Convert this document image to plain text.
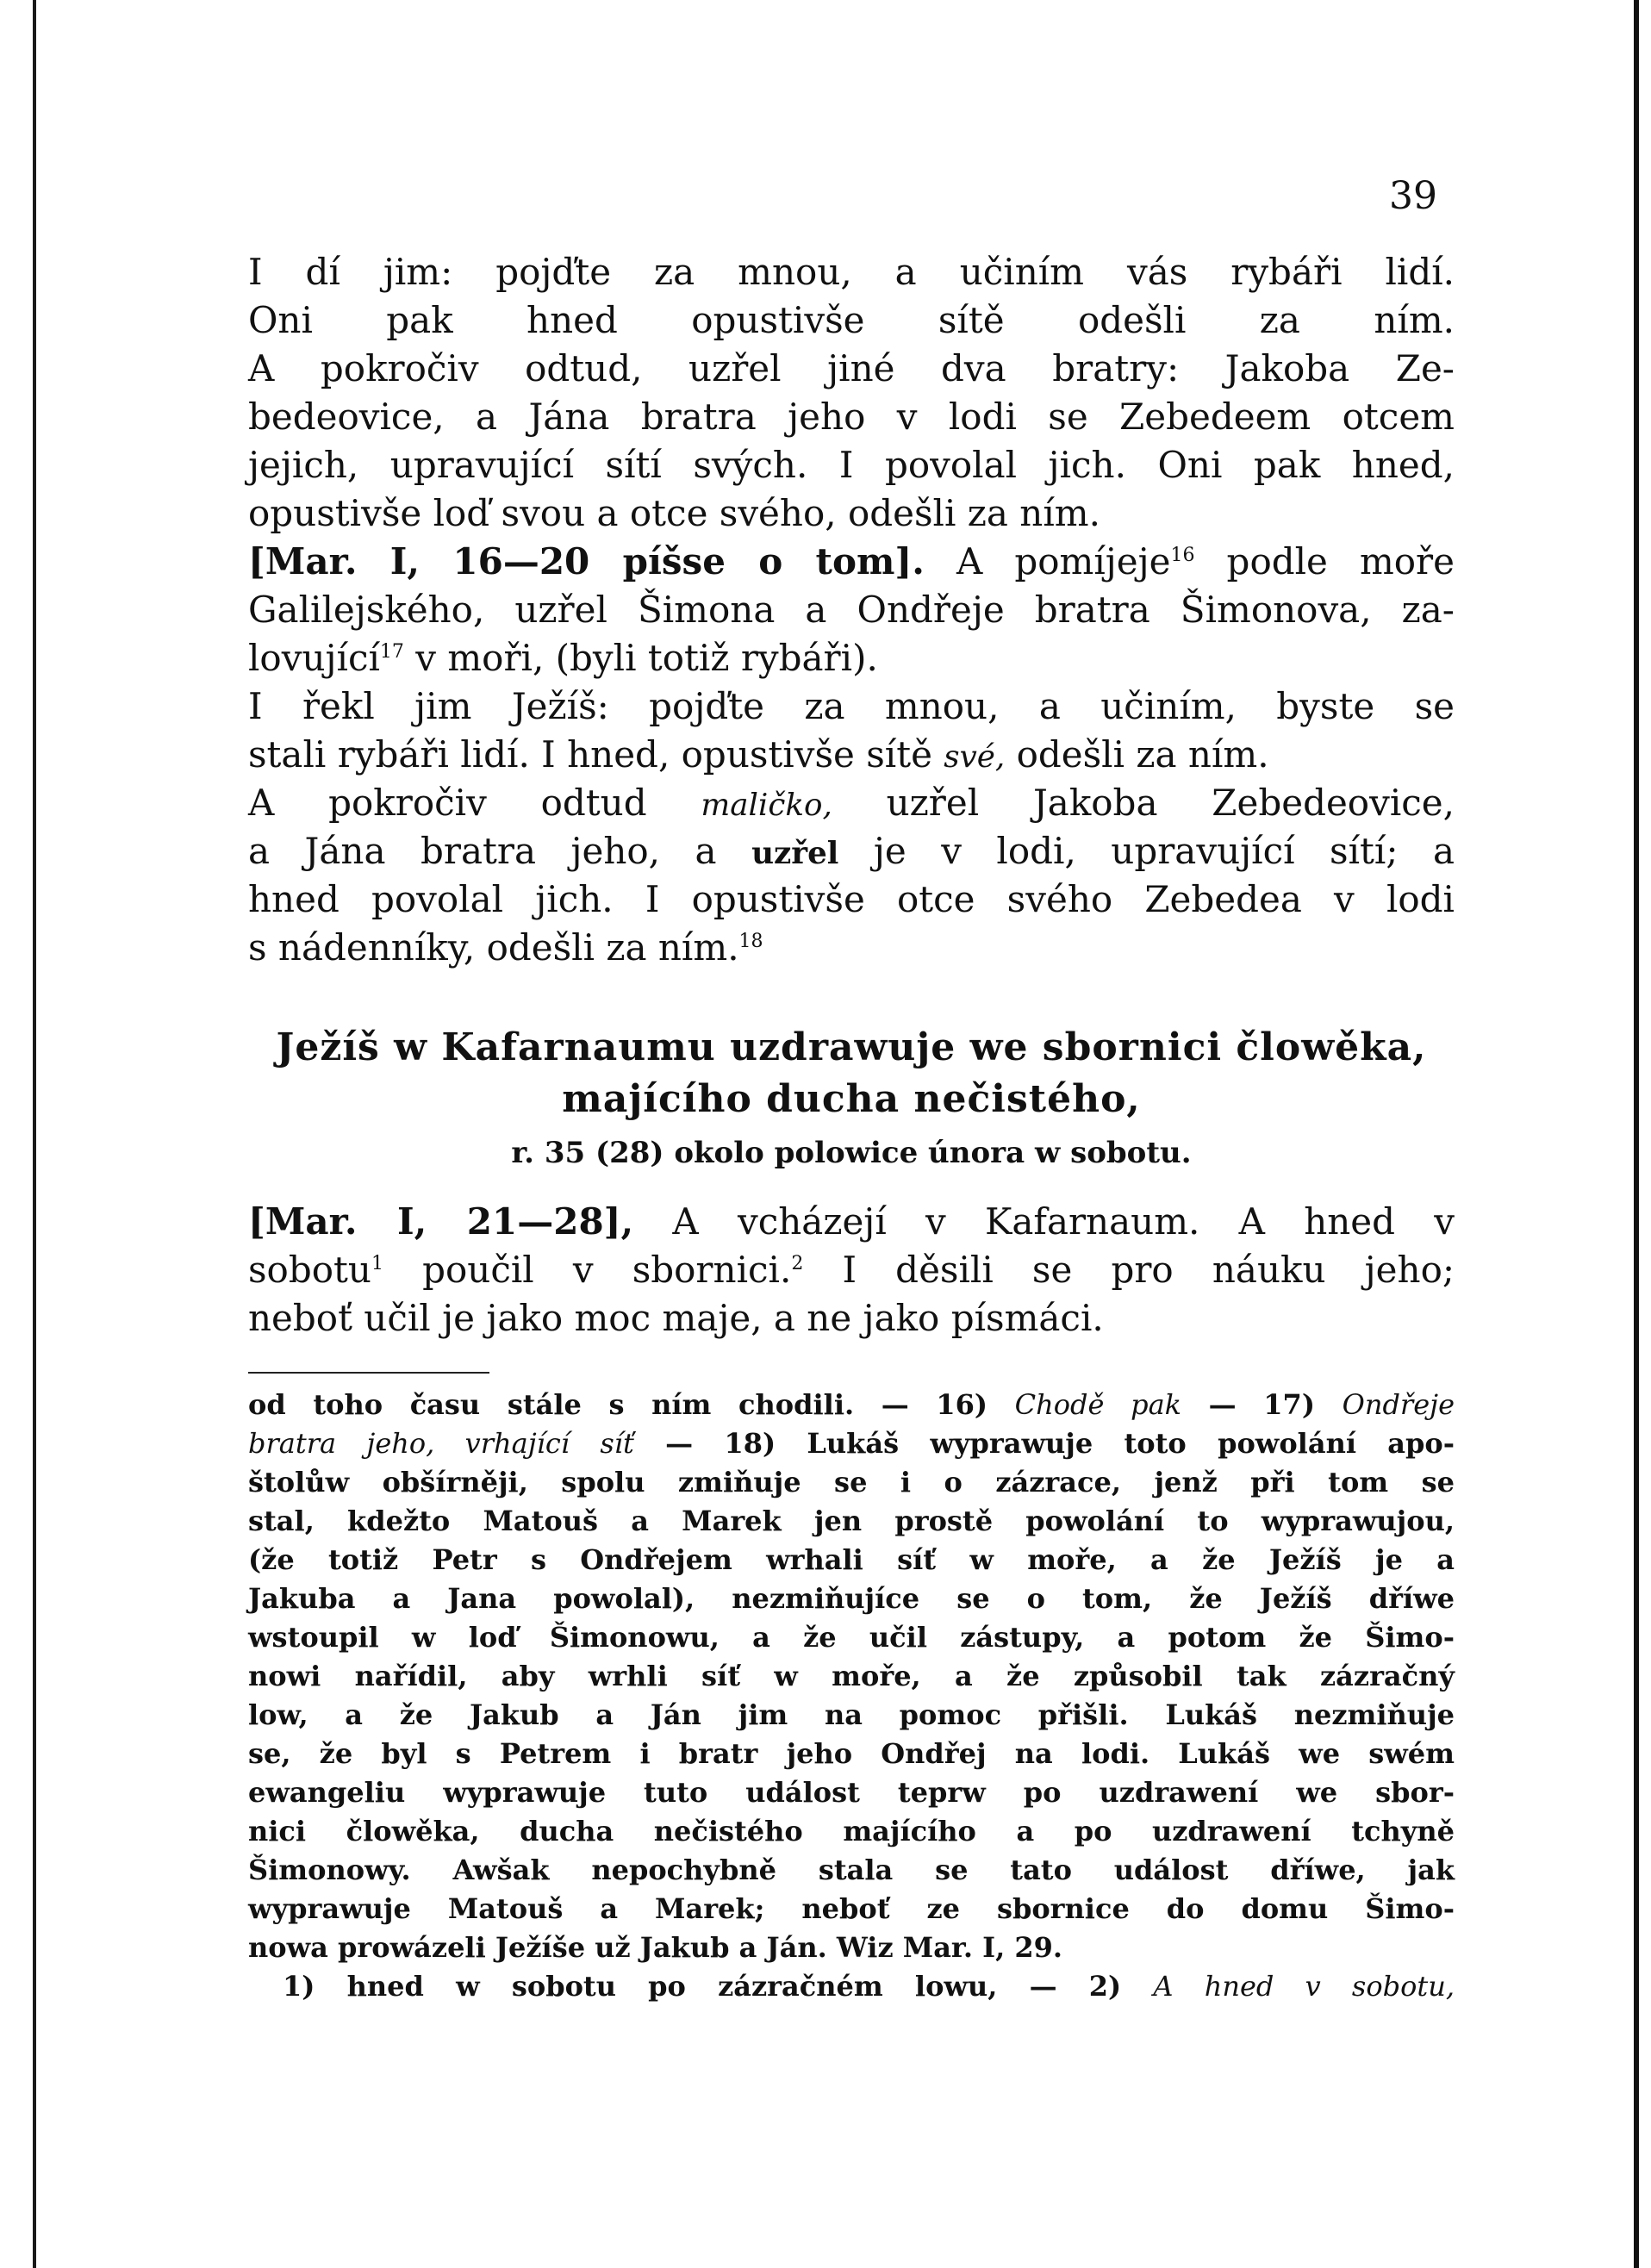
39
I dí jim: pojďte za mnou, a učiním vás rybáři lidí.
Oni pak hned opustivše sítě odešli za ním.
A pokročiv odtud, uzřel jiné dva bratry: Jakoba Ze-
bedeovice, a Jána bratra jeho v lodi se Zebedeem otcem
jejich, upravující sítí svých. I povolal jich. Oni pak hned,
opustivše loď svou a otce svého, odešli za ním.
[Mar. I, 16—20 píšse o tom]. A pomíjeje$^{16}$ podle moře
Galilejského, uzřel Šimona a Ondřeje bratra Šimonova, za-
lovující$^{17}$ v moři, (byli totiž rybáři).
I řekl jim Ježíš: pojďte za mnou, a učiním, byste se
stali rybáři lidí. I hned, opustivše sítě své, odešli za ním.
A pokročiv odtud maličko, uzřel Jakoba Zebedeovice,
a Jána bratra jeho, a uzřel je v lodi, upravující sítí; a
hned povolal jich. I opustivše otce svého Zebedea v lodi
s nádenníky, odešli za ním.$^{18}$
Ježíš w Kafarnaumu uzdrawuje we sbornici člowěka,
majícího ducha nečistého,
r. 35 (28) okolo polowice února w sobotu.
[Mar. I, 21—28], A vcházejí v Kafarnaum. A hned v
sobotu$^1$ poučil v sbornici.$^2$ I děsili se pro náuku jeho;
neboť učil je jako moc maje, a ne jako písmáci.
od toho času stále s ním chodili. — 16) Chodě pak — 17) Ondřeje
bratra jeho, vrhající síť — 18) Lukáš wyprawuje toto powolání apo-
štolůw obšírněji, spolu zmiňuje se i o zázrace, jenž při tom se
stal, kdežto Matouš a Marek jen prostě powolání to wyprawujou,
(že totiž Petr s Ondřejem wrhali síť w moře, a že Ježíš je a
Jakuba a Jana powolal), nezmiňujíce se o tom, že Ježíš dříwe
wstoupil w loď Šimonowu, a že učil zástupy, a potom že Šimo-
nowi nařídil, aby wrhli síť w moře, a že způsobil tak zázračný
low, a že Jakub a Ján jim na pomoc přišli. Lukáš nezmiňuje
se, že byl s Petrem i bratr jeho Ondřej na lodi. Lukáš we swém
ewangeliu wyprawuje tuto událost teprw po uzdrawení we sbor-
nici člowěka, ducha nečistého majícího a po uzdrawení tchyně
Šimonowy. Awšak nepochybně stala se tato událost dříwe, jak
wyprawuje Matouš a Marek; neboť ze sbornice do domu Šimo-
nowa prowázeli Ježíše už Jakub a Ján. Wiz Mar. I, 29.
1) hned w sobotu po zázračném lowu, — 2) A hned v sobotu,
